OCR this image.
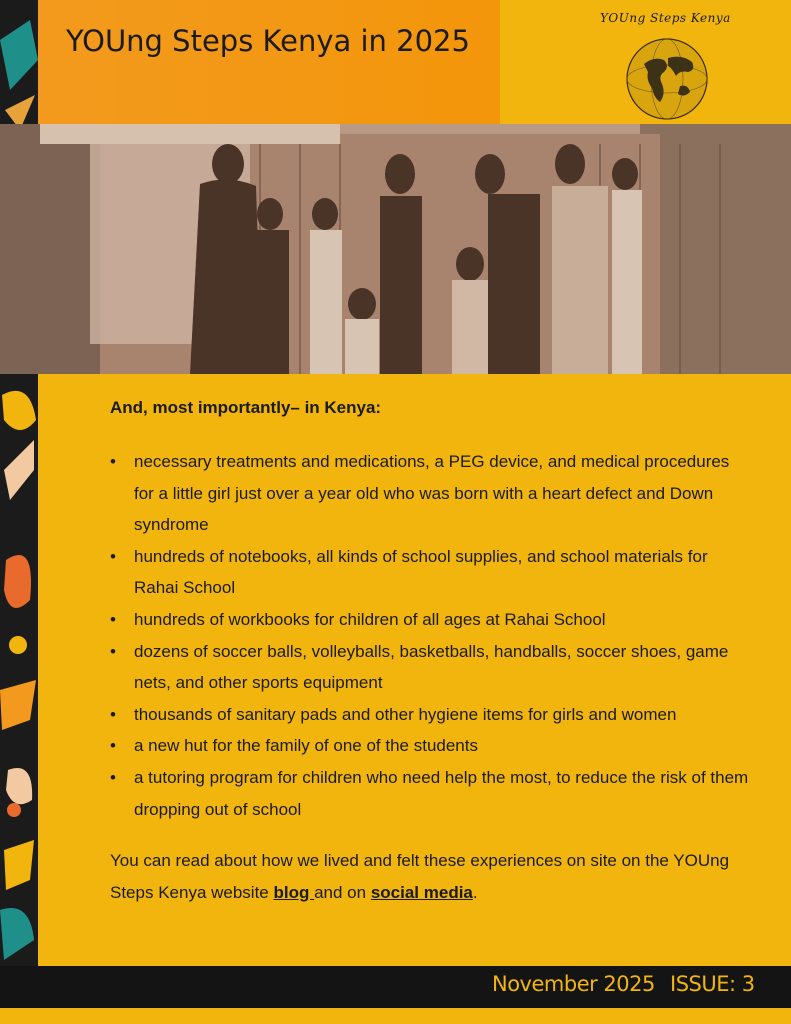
YOUng Steps Kenya in 2025
YOUng Steps Kenya
And, most importantly– in Kenya:
•	necessary treatments and medications, a PEG device, and medical procedures for a little girl just over a year old who was born with a heart defect and Down syndrome
•	hundreds of notebooks, all kinds of school supplies, and school materials for Rahai School
•	hundreds of workbooks for children of all ages at Rahai School
•	dozens of soccer balls, volleyballs, basketballs, handballs, soccer shoes, game nets, and other sports equipment
•	thousands of sanitary pads and other hygiene items for girls and women
•	a new hut for the family of one of the students
•	a tutoring program for children who need help the most, to reduce the risk of them dropping out of school
You can read about how we lived and felt these experiences on site on the YOUng Steps Kenya website blog and on social media.
November 2025 ISSUE: 3
